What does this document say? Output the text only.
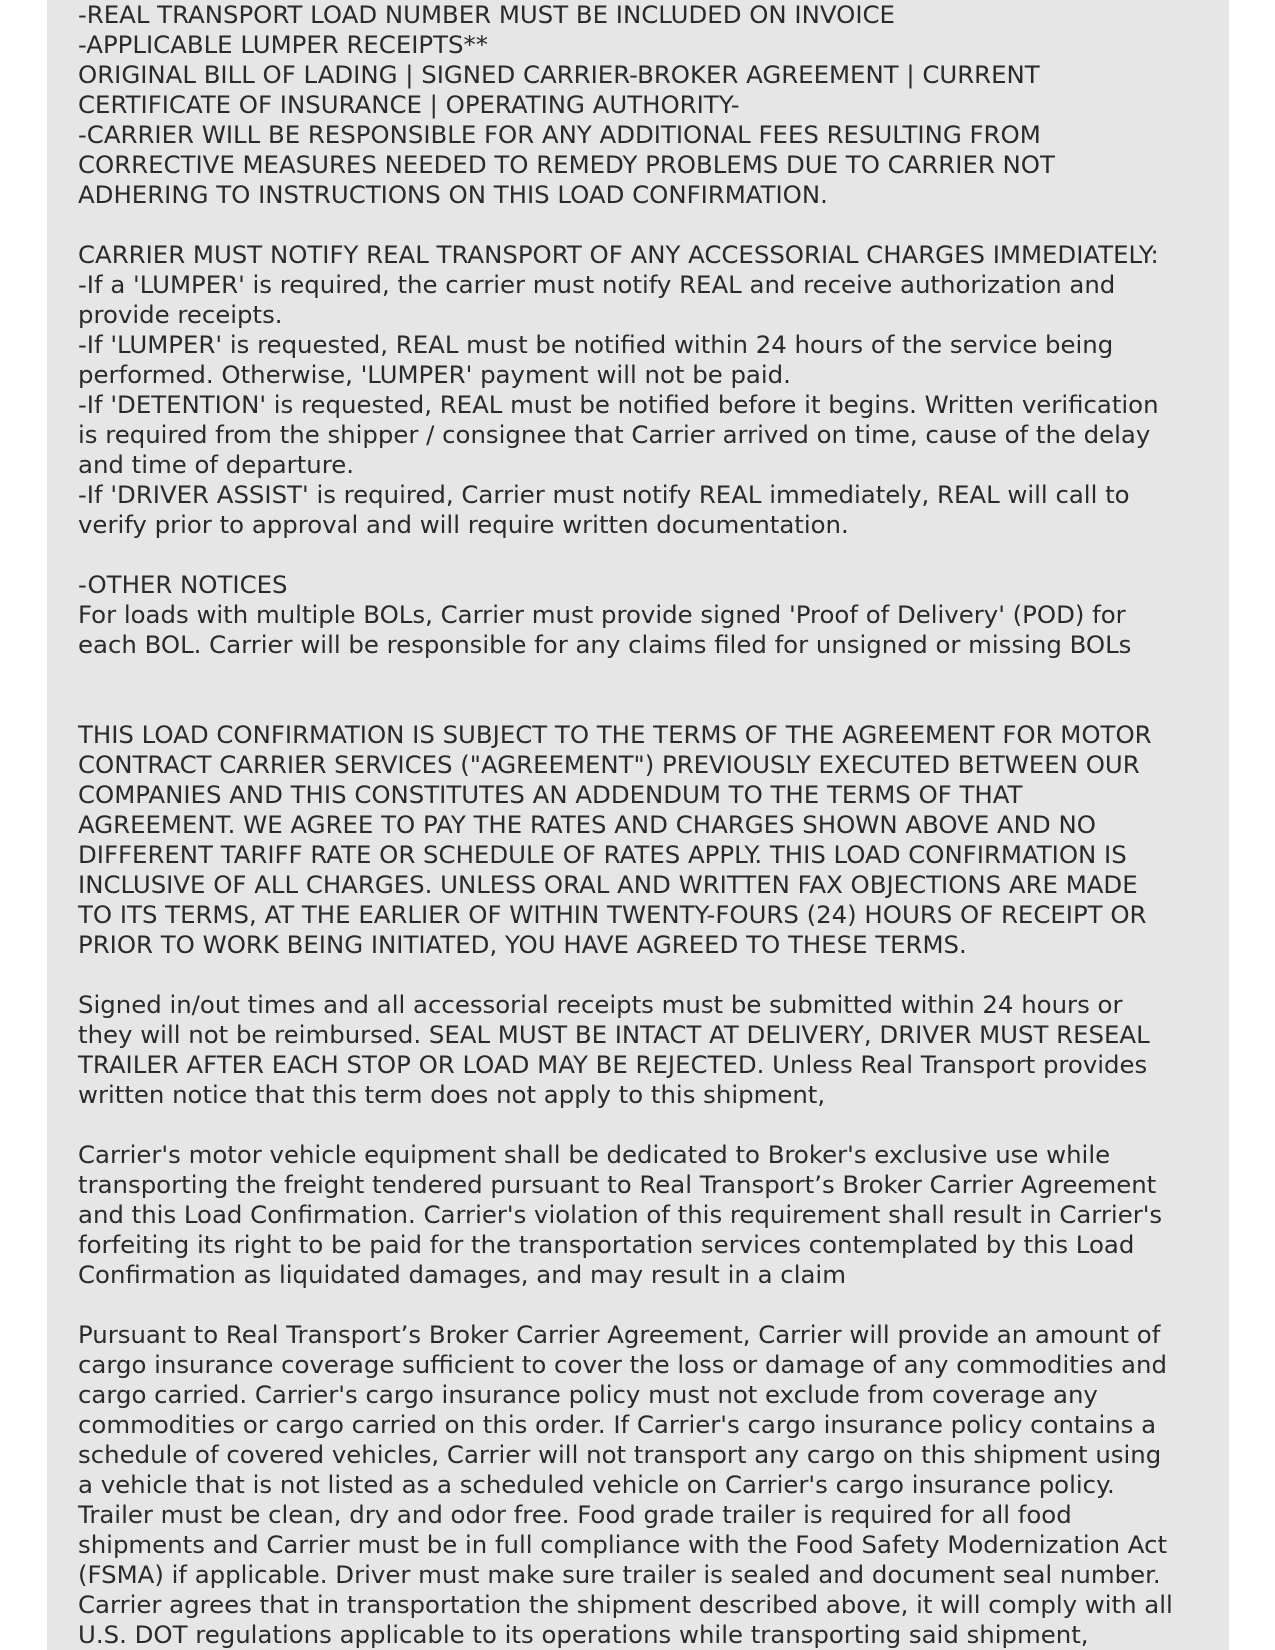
-REAL TRANSPORT LOAD NUMBER MUST BE INCLUDED ON INVOICE
-APPLICABLE LUMPER RECEIPTS**
ORIGINAL BILL OF LADING | SIGNED CARRIER-BROKER AGREEMENT | CURRENT
CERTIFICATE OF INSURANCE | OPERATING AUTHORITY-
-CARRIER WILL BE RESPONSIBLE FOR ANY ADDITIONAL FEES RESULTING FROM
CORRECTIVE MEASURES NEEDED TO REMEDY PROBLEMS DUE TO CARRIER NOT
ADHERING TO INSTRUCTIONS ON THIS LOAD CONFIRMATION.
CARRIER MUST NOTIFY REAL TRANSPORT OF ANY ACCESSORIAL CHARGES IMMEDIATELY:
-If a 'LUMPER' is required, the carrier must notify REAL and receive authorization and
provide receipts.
-If 'LUMPER' is requested, REAL must be notified within 24 hours of the service being
performed. Otherwise, 'LUMPER' payment will not be paid.
-If 'DETENTION' is requested, REAL must be notified before it begins. Written verification
is required from the shipper / consignee that Carrier arrived on time, cause of the delay
and time of departure.
-If 'DRIVER ASSIST' is required, Carrier must notify REAL immediately, REAL will call to
verify prior to approval and will require written documentation.
-OTHER NOTICES
For loads with multiple BOLs, Carrier must provide signed 'Proof of Delivery' (POD) for
each BOL. Carrier will be responsible for any claims filed for unsigned or missing BOLs
THIS LOAD CONFIRMATION IS SUBJECT TO THE TERMS OF THE AGREEMENT FOR MOTOR
CONTRACT CARRIER SERVICES ("AGREEMENT") PREVIOUSLY EXECUTED BETWEEN OUR
COMPANIES AND THIS CONSTITUTES AN ADDENDUM TO THE TERMS OF THAT
AGREEMENT. WE AGREE TO PAY THE RATES AND CHARGES SHOWN ABOVE AND NO
DIFFERENT TARIFF RATE OR SCHEDULE OF RATES APPLY. THIS LOAD CONFIRMATION IS
INCLUSIVE OF ALL CHARGES. UNLESS ORAL AND WRITTEN FAX OBJECTIONS ARE MADE
TO ITS TERMS, AT THE EARLIER OF WITHIN TWENTY-FOURS (24) HOURS OF RECEIPT OR
PRIOR TO WORK BEING INITIATED, YOU HAVE AGREED TO THESE TERMS.
Signed in/out times and all accessorial receipts must be submitted within 24 hours or
they will not be reimbursed. SEAL MUST BE INTACT AT DELIVERY, DRIVER MUST RESEAL
TRAILER AFTER EACH STOP OR LOAD MAY BE REJECTED. Unless Real Transport provides
written notice that this term does not apply to this shipment,
Carrier's motor vehicle equipment shall be dedicated to Broker's exclusive use while
transporting the freight tendered pursuant to Real Transport’s Broker Carrier Agreement
and this Load Confirmation. Carrier's violation of this requirement shall result in Carrier's
forfeiting its right to be paid for the transportation services contemplated by this Load
Confirmation as liquidated damages, and may result in a claim
Pursuant to Real Transport’s Broker Carrier Agreement, Carrier will provide an amount of
cargo insurance coverage sufficient to cover the loss or damage of any commodities and
cargo carried. Carrier's cargo insurance policy must not exclude from coverage any
commodities or cargo carried on this order. If Carrier's cargo insurance policy contains a
schedule of covered vehicles, Carrier will not transport any cargo on this shipment using
a vehicle that is not listed as a scheduled vehicle on Carrier's cargo insurance policy.
Trailer must be clean, dry and odor free. Food grade trailer is required for all food
shipments and Carrier must be in full compliance with the Food Safety Modernization Act
(FSMA) if applicable. Driver must make sure trailer is sealed and document seal number.
Carrier agrees that in transportation the shipment described above, it will comply with all
U.S. DOT regulations applicable to its operations while transporting said shipment,
